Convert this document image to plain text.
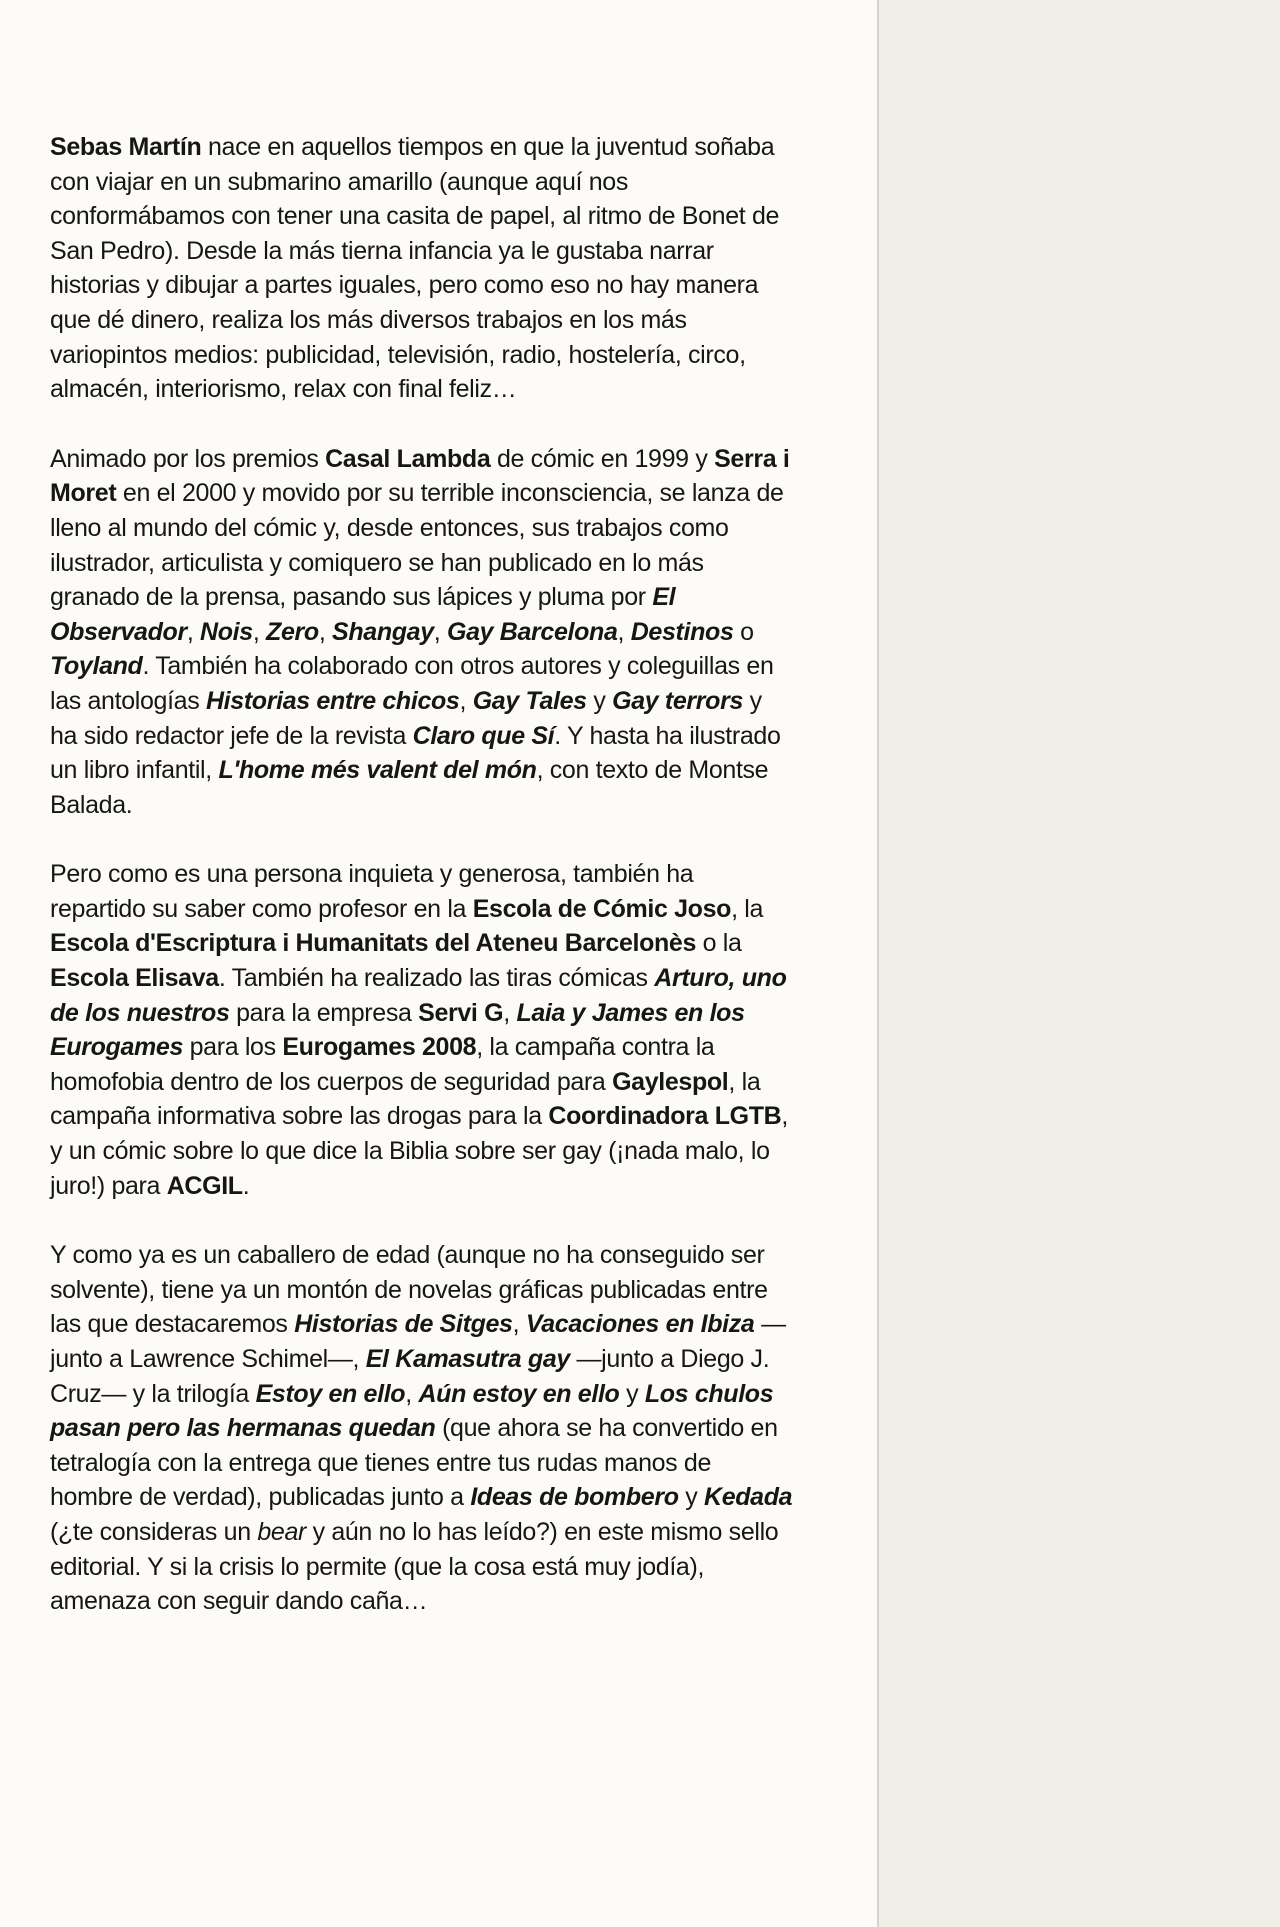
Sebas Martín nace en aquellos tiempos en que la juventud soñaba con viajar en un submarino amarillo (aunque aquí nos conformábamos con tener una casita de papel, al ritmo de Bonet de San Pedro). Desde la más tierna infancia ya le gustaba narrar historias y dibujar a partes iguales, pero como eso no hay manera que dé dinero, realiza los más diversos trabajos en los más variopintos medios: publicidad, televisión, radio, hostelería, circo, almacén, interiorismo, relax con final feliz…

Animado por los premios Casal Lambda de cómic en 1999 y Serra i Moret en el 2000 y movido por su terrible inconsciencia, se lanza de lleno al mundo del cómic y, desde entonces, sus trabajos como ilustrador, articulista y comiquero se han publicado en lo más granado de la prensa, pasando sus lápices y pluma por El Observador, Nois, Zero, Shangay, Gay Barcelona, Destinos o Toyland. También ha colaborado con otros autores y coleguillas en las antologías Historias entre chicos, Gay Tales y Gay terrors y ha sido redactor jefe de la revista Claro que Sí. Y hasta ha ilustrado un libro infantil, L'home més valent del món, con texto de Montse Balada.

Pero como es una persona inquieta y generosa, también ha repartido su saber como profesor en la Escola de Cómic Joso, la Escola d'Escriptura i Humanitats del Ateneu Barcelonès o la Escola Elisava. También ha realizado las tiras cómicas Arturo, uno de los nuestros para la empresa Servi G, Laia y James en los Eurogames para los Eurogames 2008, la campaña contra la homofobia dentro de los cuerpos de seguridad para Gaylespol, la campaña informativa sobre las drogas para la Coordinadora LGTB, y un cómic sobre lo que dice la Biblia sobre ser gay (¡nada malo, lo juro!) para ACGIL.

Y como ya es un caballero de edad (aunque no ha conseguido ser solvente), tiene ya un montón de novelas gráficas publicadas entre las que destacaremos Historias de Sitges, Vacaciones en Ibiza —junto a Lawrence Schimel—, El Kamasutra gay —junto a Diego J. Cruz— y la trilogía Estoy en ello, Aún estoy en ello y Los chulos pasan pero las hermanas quedan (que ahora se ha convertido en tetralogía con la entrega que tienes entre tus rudas manos de hombre de verdad), publicadas junto a Ideas de bombero y Kedada (¿te consideras un bear y aún no lo has leído?) en este mismo sello editorial. Y si la crisis lo permite (que la cosa está muy jodía), amenaza con seguir dando caña…
